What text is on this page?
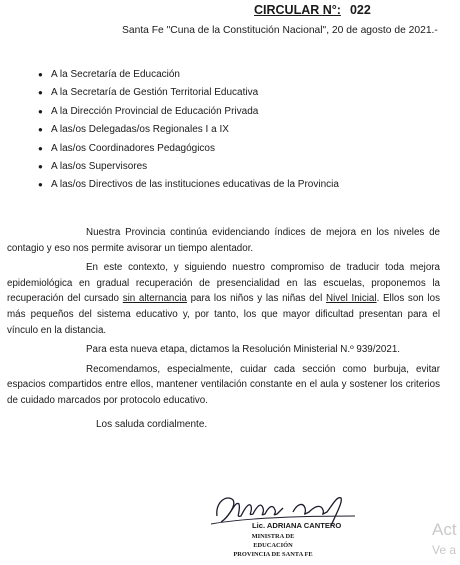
CIRCULAR N°: 022
Santa Fe "Cuna de la Constitución Nacional", 20 de agosto de 2021.-
● A la Secretaría de Educación
● A la Secretaría de Gestión Territorial Educativa
● A la Dirección Provincial de Educación Privada
● A las/os Delegadas/os Regionales I a IX
● A las/os Coordinadores Pedagógicos
● A las/os Supervisores
● A las/os Directivos de las instituciones educativas de la Provincia

Nuestra Provincia continúa evidenciando índices de mejora en los niveles de contagio y eso nos permite avisorar un tiempo alentador.

En este contexto, y siguiendo nuestro compromiso de traducir toda mejora epidemiológica en gradual recuperación de presencialidad en las escuelas, proponemos la recuperación del cursado sin alternancia para los niños y las niñas del Nivel Inicial. Ellos son los más pequeños del sistema educativo y, por tanto, los que mayor dificultad presentan para el vínculo en la distancia.

Para esta nueva etapa, dictamos la Resolución Ministerial N.º 939/2021.

Recomendamos, especialmente, cuidar cada sección como burbuja, evitar espacios compartidos entre ellos, mantener ventilación constante en el aula y sostener los criterios de cuidado marcados por protocolo educativo.

Los saluda cordialmente.
Lic. ADRIANA CANTERO
MINISTRA DE EDUCACIÓN
PROVINCIA DE SANTA FE
Act
Ve a
